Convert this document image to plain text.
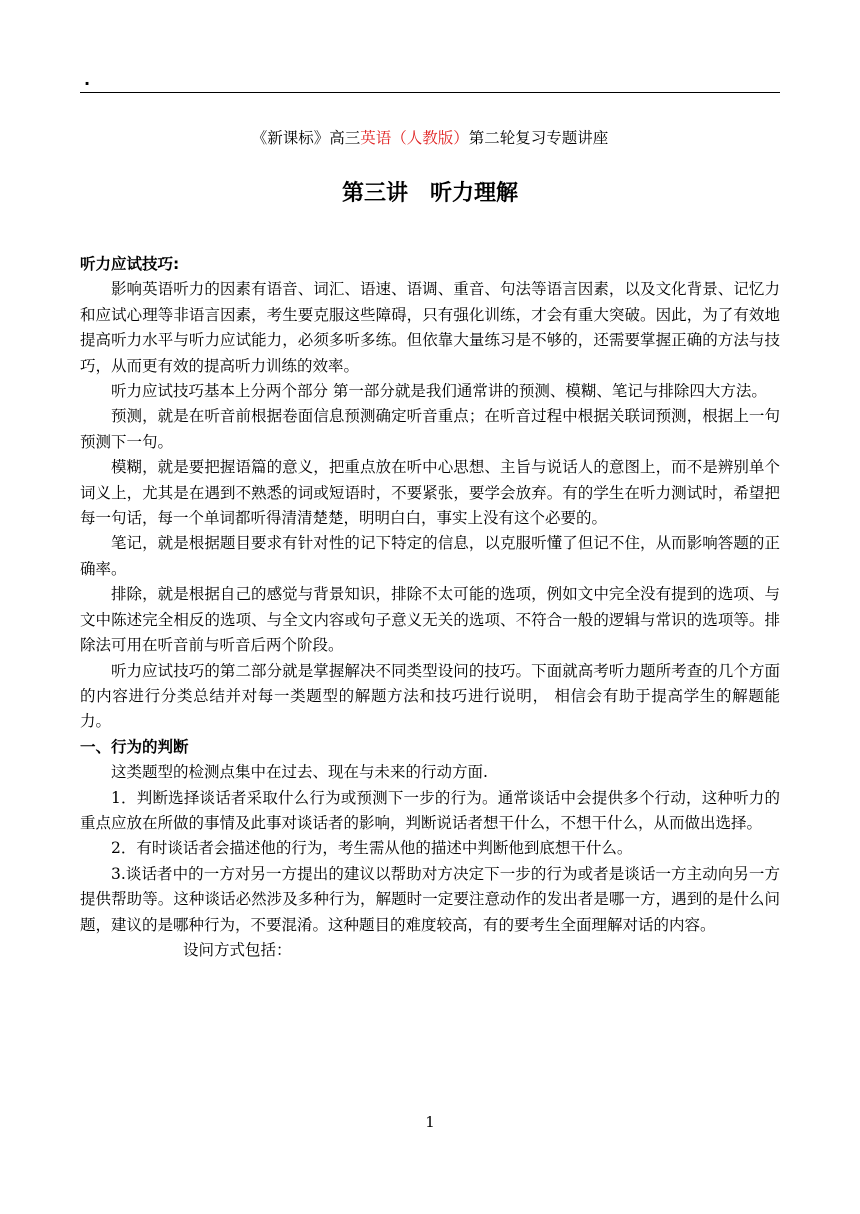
.
《新课标》高三英语（人教版）第二轮复习专题讲座
第三讲　听力理解

听力应试技巧:

影响英语听力的因素有语音、词汇、语速、语调、重音、句法等语言因素，以及文化背景、记忆力和应试心理等非语言因素，考生要克服这些障碍，只有强化训练，才会有重大突破。因此，为了有效地提高听力水平与听力应试能力，必须多听多练。但依靠大量练习是不够的，还需要掌握正确的方法与技巧，从而更有效的提高听力训练的效率。

听力应试技巧基本上分两个部分 第一部分就是我们通常讲的预测、模糊、笔记与排除四大方法。

预测，就是在听音前根据卷面信息预测确定听音重点；在听音过程中根据关联词预测，根据上一句预测下一句。

模糊，就是要把握语篇的意义，把重点放在听中心思想、主旨与说话人的意图上，而不是辨别单个词义上，尤其是在遇到不熟悉的词或短语时，不要紧张，要学会放弃。有的学生在听力测试时，希望把每一句话，每一个单词都听得清清楚楚，明明白白，事实上没有这个必要的。

笔记，就是根据题目要求有针对性的记下特定的信息，以克服听懂了但记不住，从而影响答题的正确率。

排除，就是根据自己的感觉与背景知识，排除不太可能的选项，例如文中完全没有提到的选项、与文中陈述完全相反的选项、与全文内容或句子意义无关的选项、不符合一般的逻辑与常识的选项等。排除法可用在听音前与听音后两个阶段。

听力应试技巧的第二部分就是掌握解决不同类型设问的技巧。下面就高考听力题所考查的几个方面的内容进行分类总结并对每一类题型的解题方法和技巧进行说明， 相信会有助于提高学生的解题能力。

一、行为的判断

这类题型的检测点集中在过去、现在与未来的行动方面.

1．判断选择谈话者采取什么行为或预测下一步的行为。通常谈话中会提供多个行动，这种听力的重点应放在所做的事情及此事对谈话者的影响，判断说话者想干什么，不想干什么，从而做出选择。

2．有时谈话者会描述他的行为，考生需从他的描述中判断他到底想干什么。

3.谈话者中的一方对另一方提出的建议以帮助对方决定下一步的行为或者是谈话一方主动向另一方提供帮助等。这种谈话必然涉及多种行为，解题时一定要注意动作的发出者是哪一方，遇到的是什么问题，建议的是哪种行为，不要混淆。这种题目的难度较高，有的要考生全面理解对话的内容。

设问方式包括：

1
